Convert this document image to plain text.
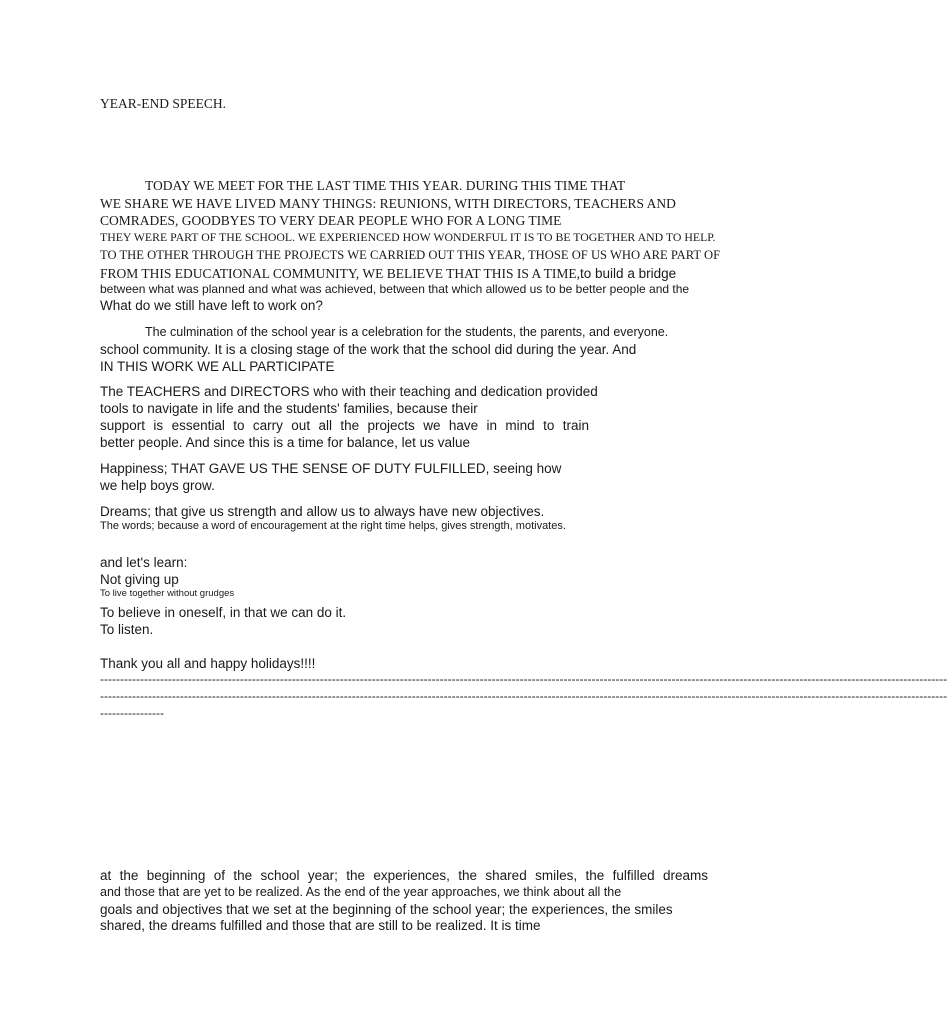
YEAR-END SPEECH.
TODAY WE MEET FOR THE LAST TIME THIS YEAR. DURING THIS TIME THAT
WE SHARE WE HAVE LIVED MANY THINGS: REUNIONS, WITH DIRECTORS, TEACHERS AND
COMRADES, GOODBYES TO VERY DEAR PEOPLE WHO FOR A LONG TIME
THEY WERE PART OF THE SCHOOL. WE EXPERIENCED HOW WONDERFUL IT IS TO BE TOGETHER AND TO HELP.
TO THE OTHER THROUGH THE PROJECTS WE CARRIED OUT THIS YEAR, THOSE OF US WHO ARE PART OF
FROM THIS EDUCATIONAL COMMUNITY, WE BELIEVE THAT THIS IS A TIME,to build a bridge
between what was planned and what was achieved, between that which allowed us to be better people and the
What do we still have left to work on?
The culmination of the school year is a celebration for the students, the parents, and everyone.
school community. It is a closing stage of the work that the school did during the year. And
IN THIS WORK WE ALL PARTICIPATE
The TEACHERS and DIRECTORS who with their teaching and dedication provided
tools to navigate in life and the students' families, because their
support is essential to carry out all the projects we have in mind to train
better people. And since this is a time for balance, let us value
Happiness; THAT GAVE US THE SENSE OF DUTY FULFILLED, seeing how
we help boys grow.
Dreams; that give us strength and allow us to always have new objectives.
The words; because a word of encouragement at the right time helps, gives strength, motivates.
and let's learn:
Not giving up
To live together without grudges
To believe in oneself, in that we can do it.
To listen.
Thank you all and happy holidays!!!!
--------------------------------------------------------------------------------------------------------------------------------------------------------------------------------------------------------------------
--------------------------------------------------------------------------------------------------------------------------------------------------------------------------------------------------------------------
----------------
at the beginning of the school year; the experiences, the shared smiles, the fulfilled dreams
and those that are yet to be realized. As the end of the year approaches, we think about all the
goals and objectives that we set at the beginning of the school year; the experiences, the smiles
shared, the dreams fulfilled and those that are still to be realized. It is time
